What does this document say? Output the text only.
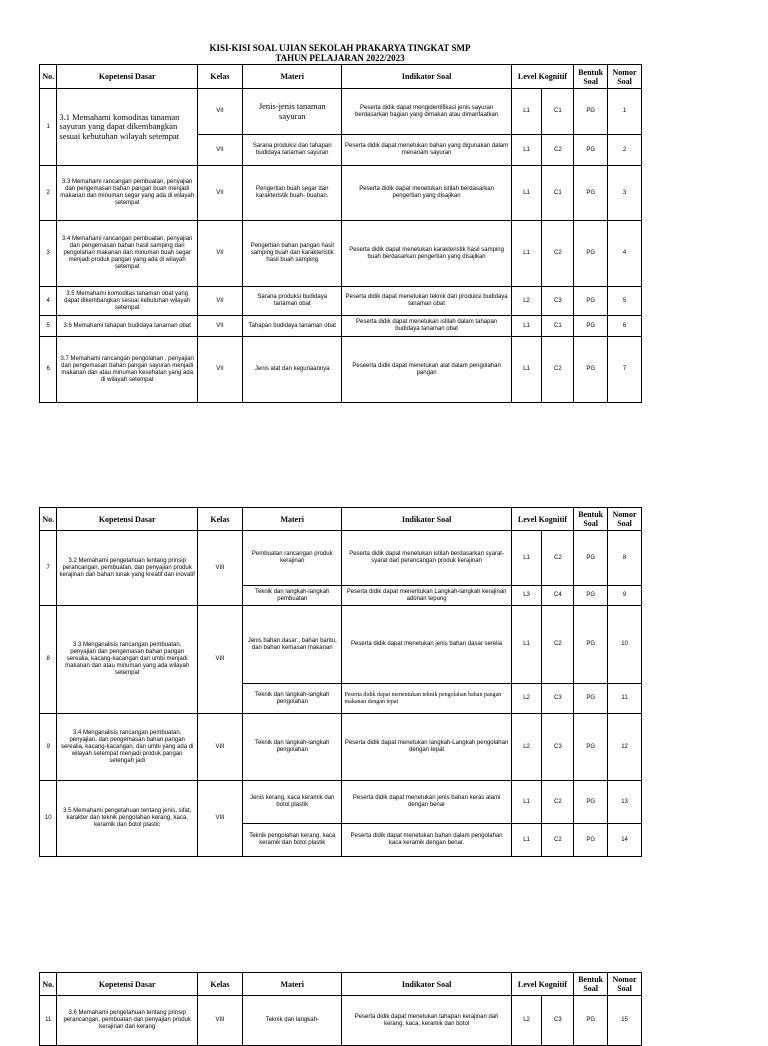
KISI-KISI SOAL UJIAN SEKOLAH PRAKARYA TINGKAT SMP
TAHUN PELAJARAN 2022/2023
No.	Kopetensi Dasar	Kelas	Materi	Indikator Soal	Level Kognitif		Bentuk Soal	Nomor Soal
1	3.1 Memahami komoditas tanaman sayuran yang dapat dikembangkan sesuai kebutuhan wilayah setempat	VII	Jenis-jenis tanaman sayuran	Peserta didik dapat mengidentifikasi jenis sayuran berdasarkan bagian yang dimakan atau dimanfaatkan	L1	C1	PG	1
		VII	Sarana produksi dan tahapan budidaya tanaman sayuran	Peserta didik dapat menetukan bahan yang digunakan dalam menanam sayuran	L1	C2	PG	2
2	3.3 Memahami rancangan pembuatan, penyajian dan pengemasan bahan pangan buah menjadi makanan dan minuman segar yang ada di wilayah setempat	VII	Pengertian buah segar dan karakteristik buah- buahan.	Peserta didik dapat menetukan istilah berdasarkan pengertian yang disajikan	L1	C1	PG	3
3	3.4 Memahami rancangan pembuatan, penyajian dan pengemasan bahan hasil samping dari pengolahan makanan dan minuman buah segar menjadi produk pangan yang ada di wilayah setempat	VII	Pengertian bahan pangan hasil samping buah dan karakteristik hasil buah samping	Peserta didik dapat menetukan karakteristik hasil samping buah berdasarkan pengertian yang disajikan	L1	C2	PG	4
4	3.5 Memahami komoditas tanaman obat yang dapat dikembangkan sesuai kebutuhan wilayah setempat	VII	Sarana produksi budidaya tanaman obat	Peserta didik dapat menetukan teknik dari produksi budidaya tanaman obat	L2	C3	PG	5
5	3.6 Memahami tahapan budidaya tanaman obat	VII	Tahapan budidaya tanaman obat	Peserta didik dapat menetukan istilah dalam tahapan budidaya tanaman obat	L1	C1	PG	6
6	3.7 Memahami rancangan pengolahan , penyajian dan pengemasan bahan pangan sayuran menjadi makanan dan atau minuman kesehatan yang ada di wilayah setempat	VII	Jenis alat dan kegunaannya	Peseerta didik dapat menetukan alat dalam pengolahan pangan	L1	C2	PG	7
No.	Kopetensi Dasar	Kelas	Materi	Indikator Soal	Level Kognitif		Bentuk Soal	Nomor Soal
7	3.2 Memahami pengetahuan tentang prinsip perancangan, pembuatan, dan penyajian produk kerajinan dari bahan lunak yang kreatif dan inovatif	VIII	Pembuatan rancangan produk kerajinan	Peserta didik dapat menetukan istilah berdasarkan syarat-syarat dari perancangan produk kerajinan	L1	C2	PG	8
			Teknik dan langkah-langkah pembuatan	Peserta didik dapat menentukan Langkah-langkah kerajinan adonan tepung	L3	C4	PG	9
8	3.3 Menganalisis rancangan pembuatan, penyajian dan pengemasan bahan pangan serealia, kacang-kacangan dan umbi menjadi makanan dan atau minuman yang ada wilayah setempat	VIII	Jenis bahan dasar , bahan bantu, dan bahan kemasan makanan	Peserta didik dapat menetukan jenis bahan dasar serelia	L1	C2	PG	10
			Teknik dan langkah-langkah pengolahan	Peserta didik dapat menentukan teknik pengolahan bahan pangan makanan dengan tepat	L2	C3	PG	11
9	3.4 Menganalisis rancangan pembuatan, penyajian, dan pengemasan bahan pangan serealia, kacang-kacangan, dan umbi yang ada di wilayah setempat menjadi produk pangan setengah jadi	VIII	Teknik dan langkah-langkah pengolahan	Peserta didik dapat menetukan langkah-Langkah pengolahan dengan tepat	L2	C3	PG	12
10	3.5 Memahami pengetahuan tentang jenis, sifat, karakter dan teknik pengolahan kerang, kaca, keramik dan botol plastic	VIII	Jenis kerang, kaca keramik dan botol plastik	Peserta didik dapat menetukan jenis bahan keras alami dengan benar	L1	C2	PG	13
			Teknik pengolahan kerang, kaca keramik dan botol plastik	Peserta didik dapat menetukan bahan dalam pengolahan kaca keramik dengan benar.	L1	C2	PG	14
No.	Kopetensi Dasar	Kelas	Materi	Indikator Soal	Level Kognitif		Bentuk Soal	Nomor Soal
11	3.6 Memahami pengetahuan tentang prinsip perancangan, pembuatan dan penyajian produk kerajinan dari kerang	VIII	Teknik dan langkah-	Peserta didik dapat menetukan tahapan kerajinan dari kerang, kaca, keramik dan botol	L2	C3	PG	15
